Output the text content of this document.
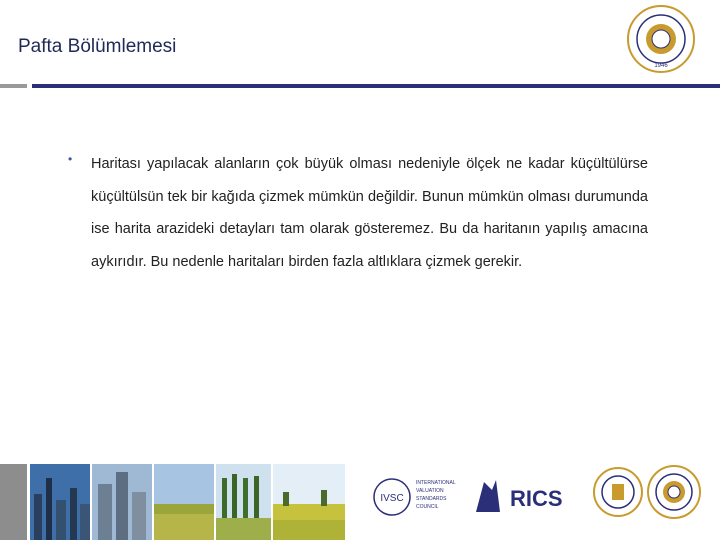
Pafta Bölümlemesi
1946
• Haritası yapılacak alanların çok büyük olması nedeniyle ölçek ne kadar küçültülürse küçültülsün tek bir kağıda çizmek mümkün değildir. Bunun mümkün olması durumunda ise harita arazideki detayları tam olarak gösteremez. Bu da haritanın yapılış amacına aykırıdır. Bu nedenle haritaları birden fazla altlıklara çizmek gerekir.
IVSC
INTERNATIONAL
VALUATION
STANDARDS
COUNCIL	RICS
